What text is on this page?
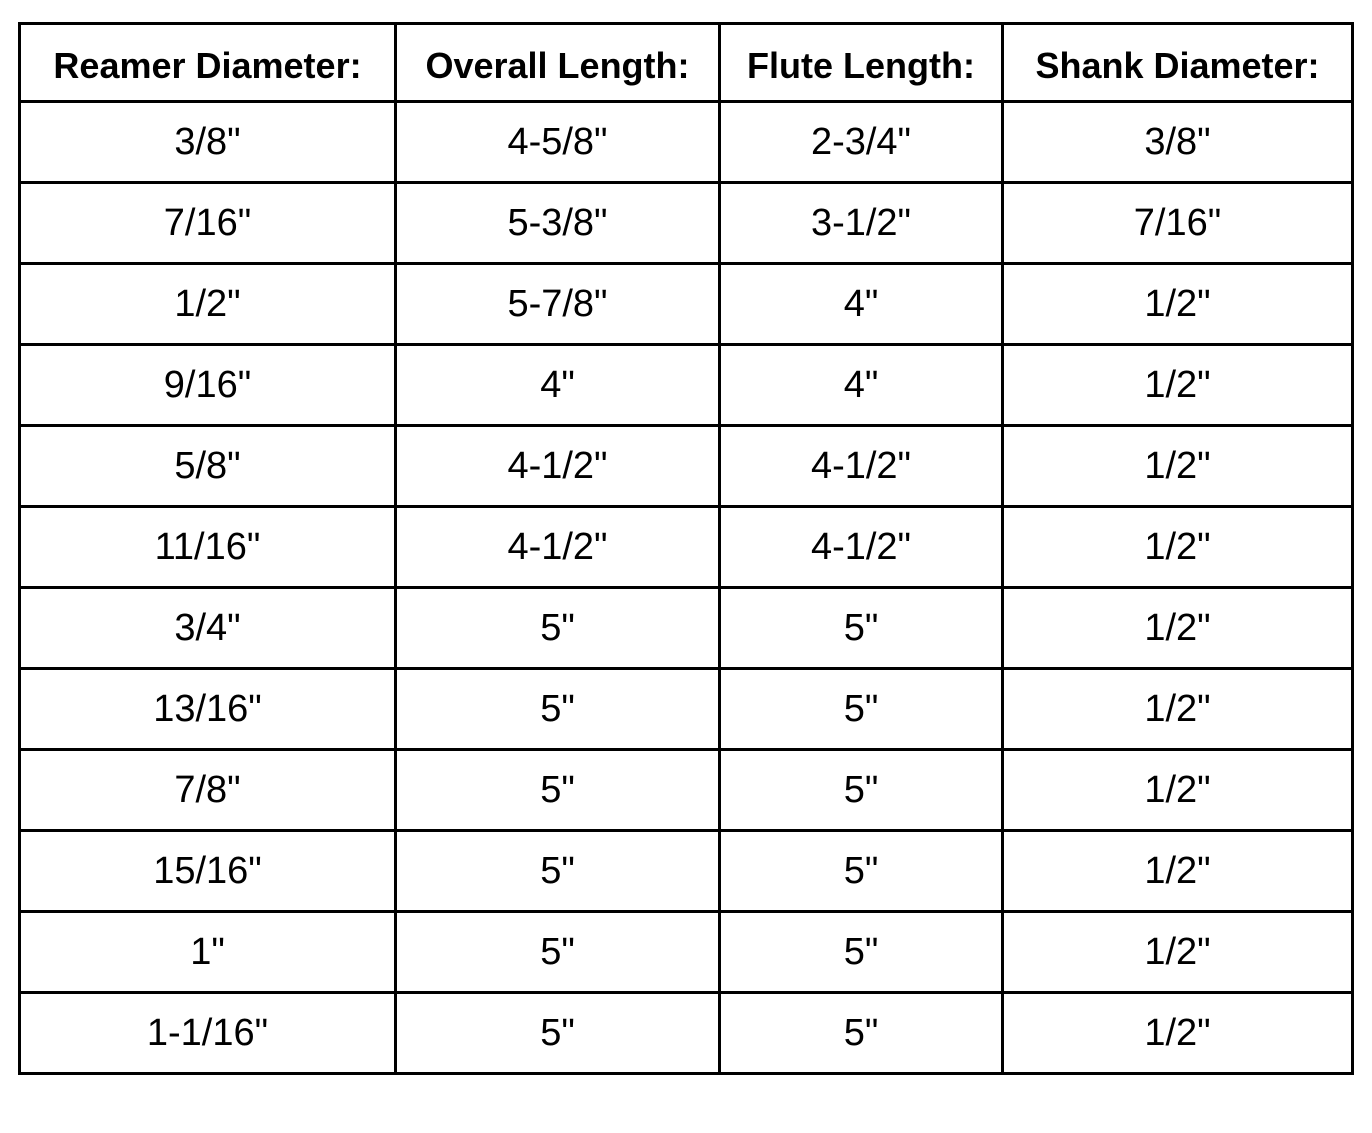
Reamer Diameter:	Overall Length:	Flute Length:	Shank Diameter:
3/8"	4-5/8"	2-3/4"	3/8"
7/16"	5-3/8"	3-1/2"	7/16"
1/2"	5-7/8"	4"	1/2"
9/16"	4"	4"	1/2"
5/8"	4-1/2"	4-1/2"	1/2"
11/16"	4-1/2"	4-1/2"	1/2"
3/4"	5"	5"	1/2"
13/16"	5"	5"	1/2"
7/8"	5"	5"	1/2"
15/16"	5"	5"	1/2"
1"	5"	5"	1/2"
1-1/16"	5"	5"	1/2"
